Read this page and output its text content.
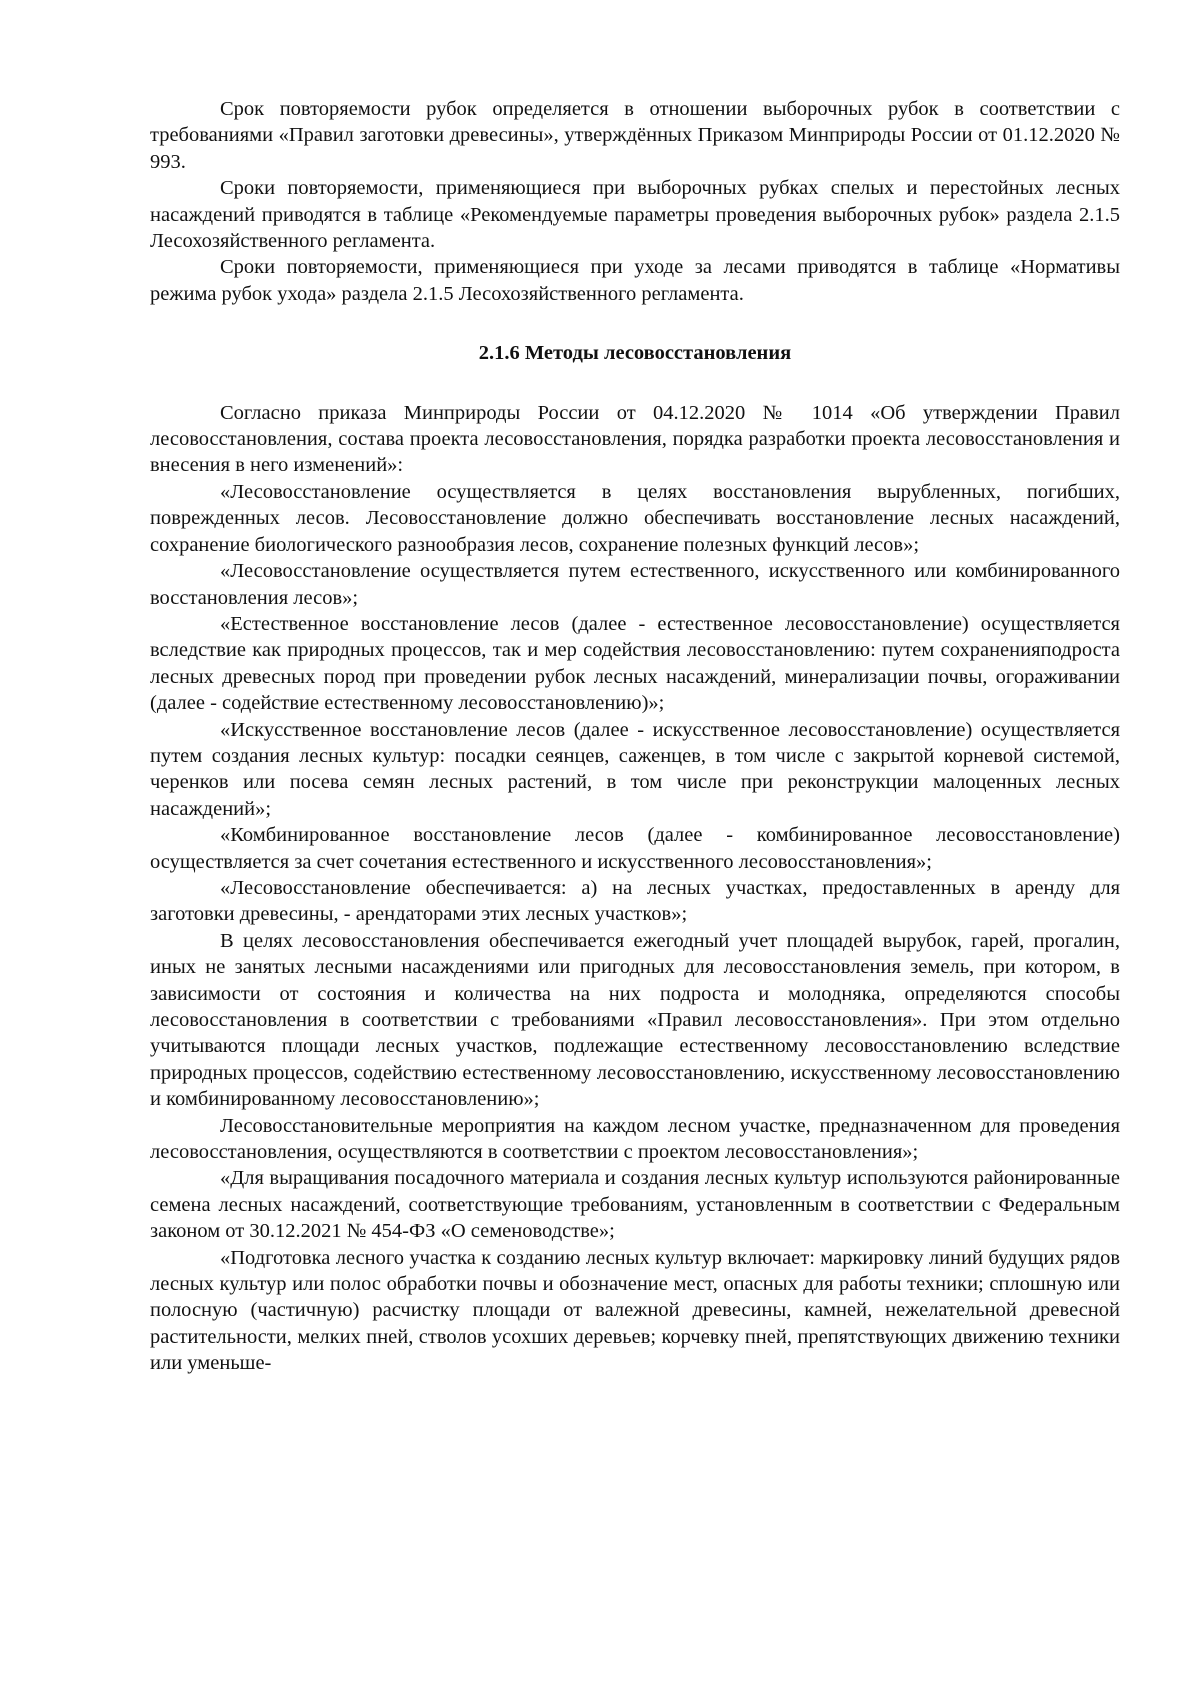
Срок повторяемости рубок определяется в отношении выборочных рубок в соответствии с требованиями «Правил заготовки древесины», утверждённых Приказом Минприроды России от 01.12.2020 № 993.

Сроки повторяемости, применяющиеся при выборочных рубках спелых и перестойных лесных насаждений приводятся в таблице «Рекомендуемые параметры проведения выборочных рубок» раздела 2.1.5 Лесохозяйственного регламента.

Сроки повторяемости, применяющиеся при уходе за лесами приводятся в таблице «Нормативы режима рубок ухода» раздела 2.1.5 Лесохозяйственного регламента.

2.1.6 Методы лесовосстановления

Согласно приказа Минприроды России от 04.12.2020 № 1014 «Об утверждении Правил лесовосстановления, состава проекта лесовосстановления, порядка разработки проекта лесовосстановления и внесения в него изменений»:

«Лесовосстановление осуществляется в целях восстановления вырубленных, погибших, поврежденных лесов. Лесовосстановление должно обеспечивать восстановление лесных насаждений, сохранение биологического разнообразия лесов, сохранение полезных функций лесов»;

«Лесовосстановление осуществляется путем естественного, искусственного или комбинированного восстановления лесов»;

«Естественное восстановление лесов (далее - естественное лесовосстановление) осуществляется вследствие как природных процессов, так и мер содействия лесовосстановлению: путем сохраненияподроста лесных древесных пород при проведении рубок лесных насаждений, минерализации почвы, огораживании (далее - содействие естественному лесовосстановлению)»;

«Искусственное восстановление лесов (далее - искусственное лесовосстановление) осуществляется путем создания лесных культур: посадки сеянцев, саженцев, в том числе с закрытой корневой системой, черенков или посева семян лесных растений, в том числе при реконструкции малоценных лесных насаждений»;

«Комбинированное восстановление лесов (далее - комбинированное лесовосстановление) осуществляется за счет сочетания естественного и искусственного лесовосстановления»;

«Лесовосстановление обеспечивается: а) на лесных участках, предоставленных в аренду для заготовки древесины, - арендаторами этих лесных участков»;

В целях лесовосстановления обеспечивается ежегодный учет площадей вырубок, гарей, прогалин, иных не занятых лесными насаждениями или пригодных для лесовосстановления земель, при котором, в зависимости от состояния и количества на них подроста и молодняка, определяются способы лесовосстановления в соответствии с требованиями «Правил лесовосстановления». При этом отдельно учитываются площади лесных участков, подлежащие естественному лесовосстановлению вследствие природных процессов, содействию естественному лесовосстановлению, искусственному лесовосстановлению и комбинированному лесовосстановлению»;

Лесовосстановительные мероприятия на каждом лесном участке, предназначенном для проведения лесовосстановления, осуществляются в соответствии с проектом лесовосстановления»;

«Для выращивания посадочного материала и создания лесных культур используются районированные семена лесных насаждений, соответствующие требованиям, установленным в соответствии с Федеральным законом от 30.12.2021 № 454-ФЗ «О семеноводстве»;

«Подготовка лесного участка к созданию лесных культур включает: маркировку линий будущих рядов лесных культур или полос обработки почвы и обозначение мест, опасных для работы техники; сплошную или полосную (частичную) расчистку площади от валежной древесины, камней, нежелательной древесной растительности, мелких пней, стволов усохших деревьев; корчевку пней, препятствующих движению техники или уменьше-
